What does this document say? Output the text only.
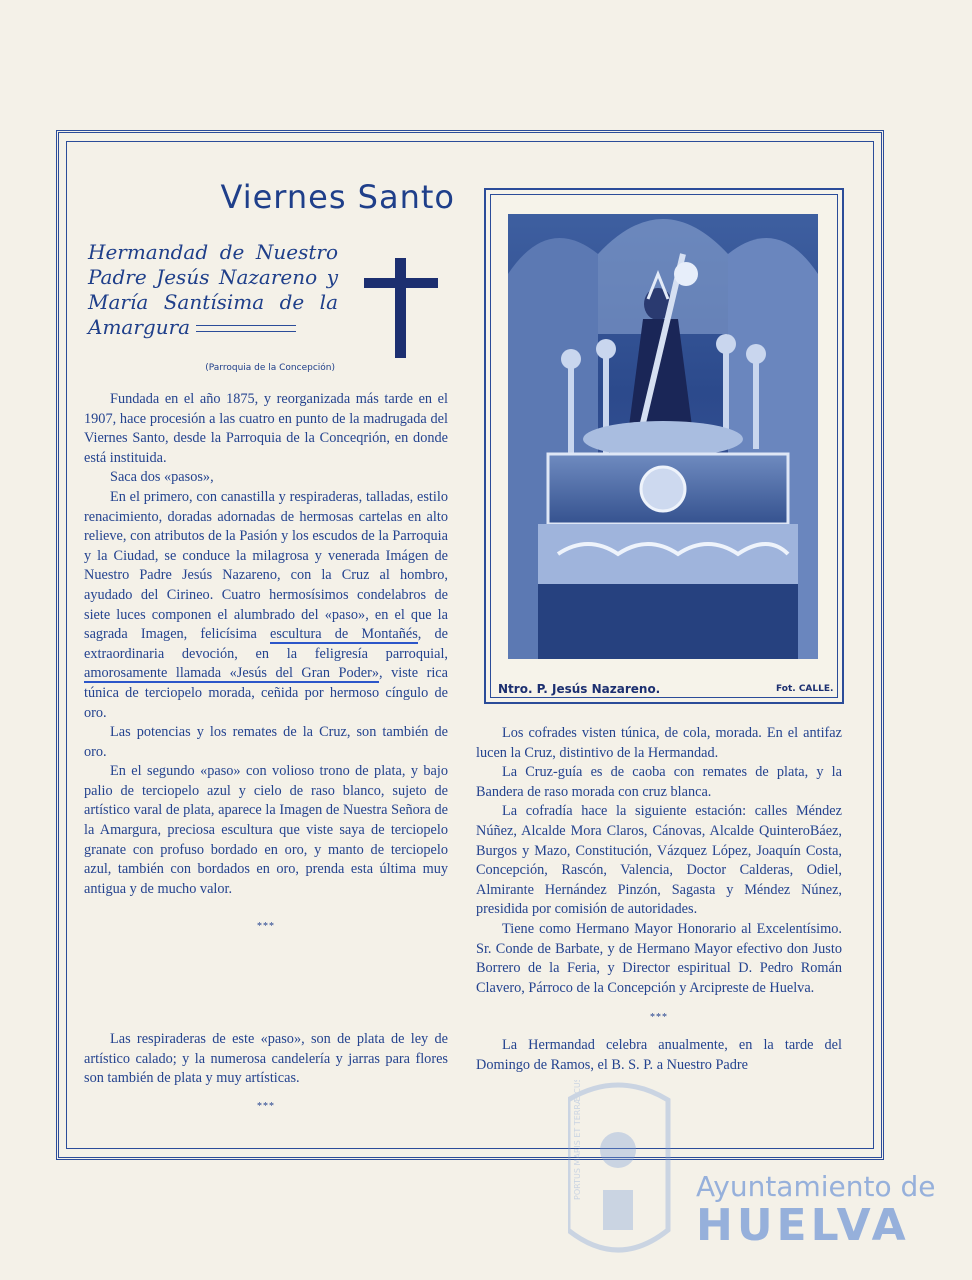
Viernes Santo
Hermandad de Nuestro Padre Jesús Nazareno y María Santísima de la Amargura
(Parroquia de la Concepción)

Fundada en el año 1875, y reorganizada más tarde en el 1907, hace procesión a las cuatro en punto de la madrugada del Viernes Santo, desde la Parroquia de la Conceqrión, en donde está instituida.

Saca dos «pasos»,

En el primero, con canastilla y respiraderas, talladas, estilo renacimiento, doradas adornadas de hermosas cartelas en alto relieve, con atributos de la Pasión y los escudos de la Parroquia y la Ciudad, se conduce la milagrosa y venerada Imágen de Nuestro Padre Jesús Nazareno, con la Cruz al hombro, ayudado del Cirineo. Cuatro hermosísimos condelabros de siete luces componen el alumbrado del «paso», en el que la sagrada Imagen, felicísima escultura de Montañés, de extraordinaria devoción, en la feligresía parroquial, amorosamente llamada «Jesús del Gran Poder», viste rica túnica de terciopelo morada, ceñida por hermoso cíngulo de oro.

Las potencias y los remates de la Cruz, son también de oro.

En el segundo «paso» con volioso trono de plata, y bajo palio de terciopelo azul y cielo de raso blanco, sujeto de artístico varal de plata, aparece la Imagen de Nuestra Señora de la Amargura, preciosa escultura que viste saya de terciopelo granate con profuso bordado en oro, y manto de terciopelo azul, también con bordados en oro, prenda esta última muy antigua y de mucho valor.

***

Las respiraderas de este «paso», son de plata de ley de artístico calado; y la numerosa candelería y jarras para flores son también de plata y muy artísticas.

***

Ntro. P. Jesús Nazareno.	Fot. CALLE.

Los cofrades visten túnica, de cola, morada. En el antifaz lucen la Cruz, distintivo de la Hermandad.

La Cruz-guía es de caoba con remates de plata, y la Bandera de raso morada con cruz blanca.

La cofradía hace la siguiente estación: calles Méndez Núñez, Alcalde Mora Claros, Cánovas, Alcalde QuinteroBáez, Burgos y Mazo, Constitución, Vázquez López, Joaquín Costa, Concepción, Rascón, Valencia, Doctor Calderas, Odiel, Almirante Hernández Pinzón, Sagasta y Méndez Núnez, presidida por comisión de autoridades.

Tiene como Hermano Mayor Honorario al Excelentísimo. Sr. Conde de Barbate, y de Hermano Mayor efectivo don Justo Borrero de la Feria, y Director espiritual D. Pedro Román Clavero, Párroco de la Concepción y Arcipreste de Huelva.

***

La Hermandad celebra anualmente, en la tarde del Domingo de Ramos, el B. S. P. a Nuestro Padre

PORTUS MARIS ET TERRÆ CUSTODIA	Ayuntamiento de
HUELVA
